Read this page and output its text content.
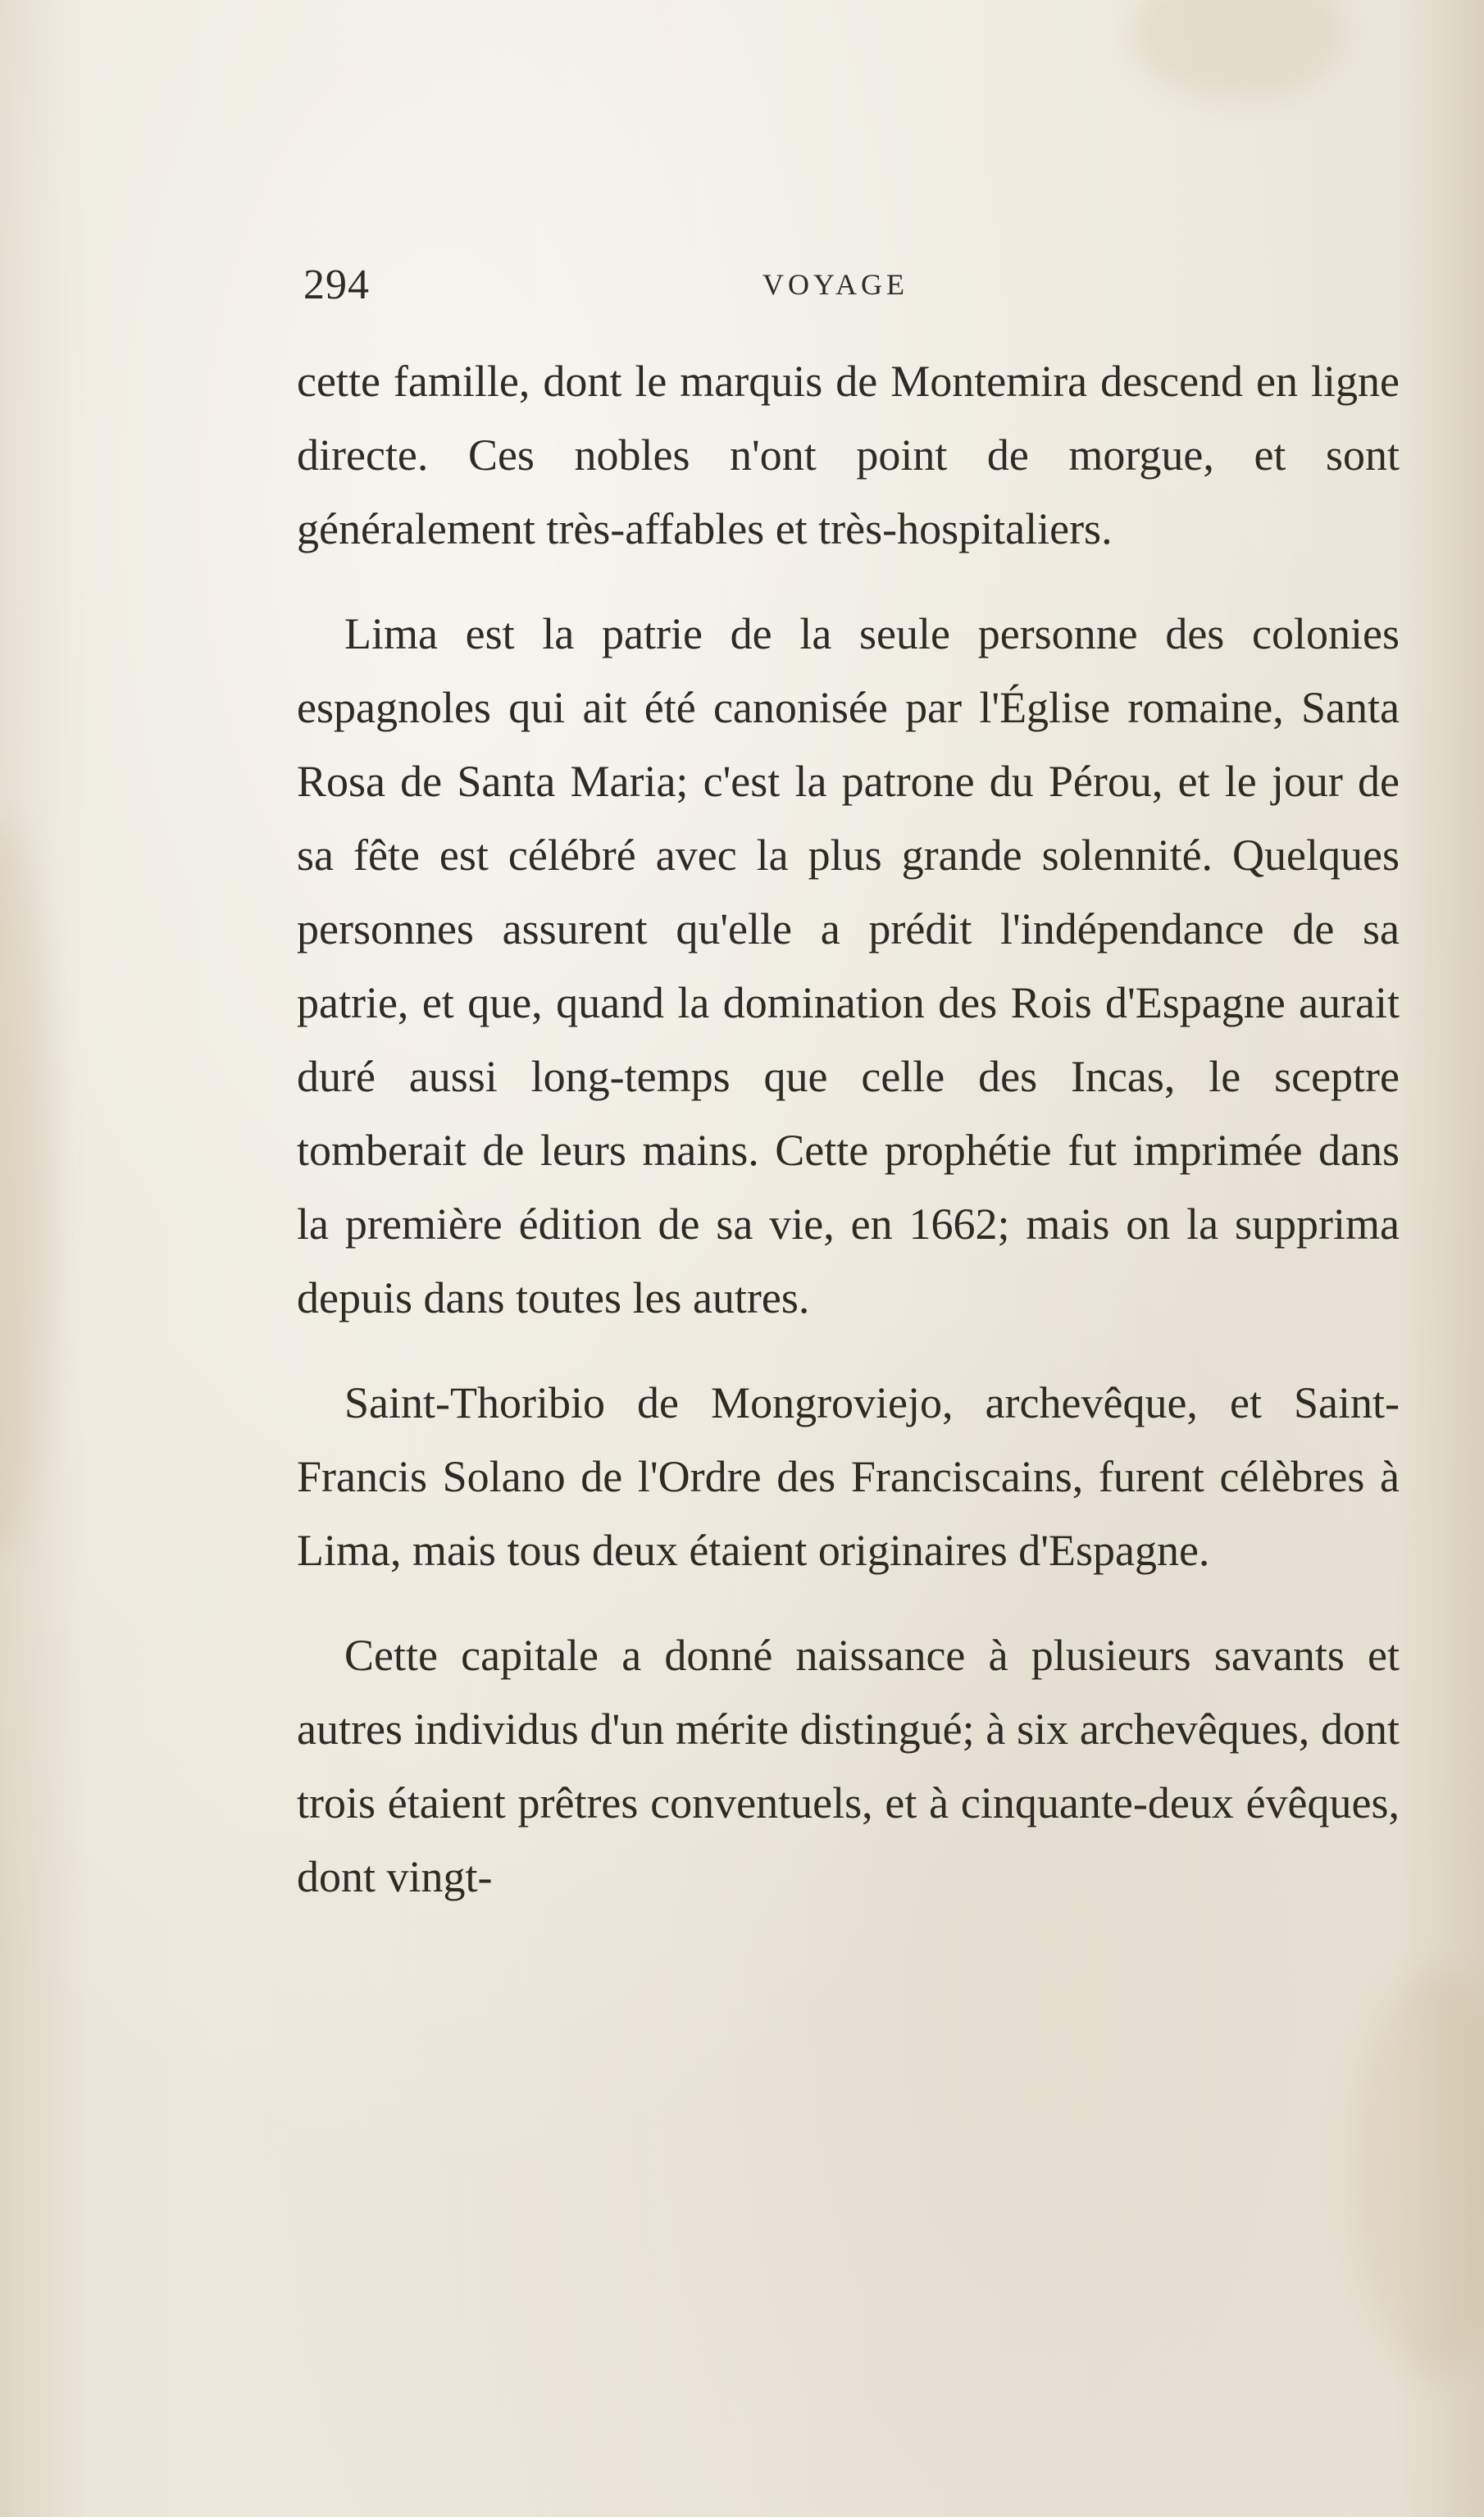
294	VOYAGE

cette famille, dont le marquis de Montemira descend en ligne directe. Ces nobles n'ont point de morgue, et sont généralement très-affables et très-hospitaliers.

Lima est la patrie de la seule personne des colonies espagnoles qui ait été canonisée par l'Église romaine, Santa Rosa de Santa Maria; c'est la patrone du Pérou, et le jour de sa fête est célébré avec la plus grande solennité. Quelques personnes assurent qu'elle a prédit l'indépendance de sa patrie, et que, quand la domination des Rois d'Espagne aurait duré aussi long-temps que celle des Incas, le sceptre tomberait de leurs mains. Cette prophétie fut imprimée dans la première édition de sa vie, en 1662; mais on la supprima depuis dans toutes les autres.

Saint-Thoribio de Mongroviejo, archevêque, et Saint-Francis Solano de l'Ordre des Franciscains, furent célèbres à Lima, mais tous deux étaient originaires d'Espagne.

Cette capitale a donné naissance à plusieurs savants et autres individus d'un mérite distingué; à six archevêques, dont trois étaient prêtres conventuels, et à cinquante-deux évêques, dont vingt-
